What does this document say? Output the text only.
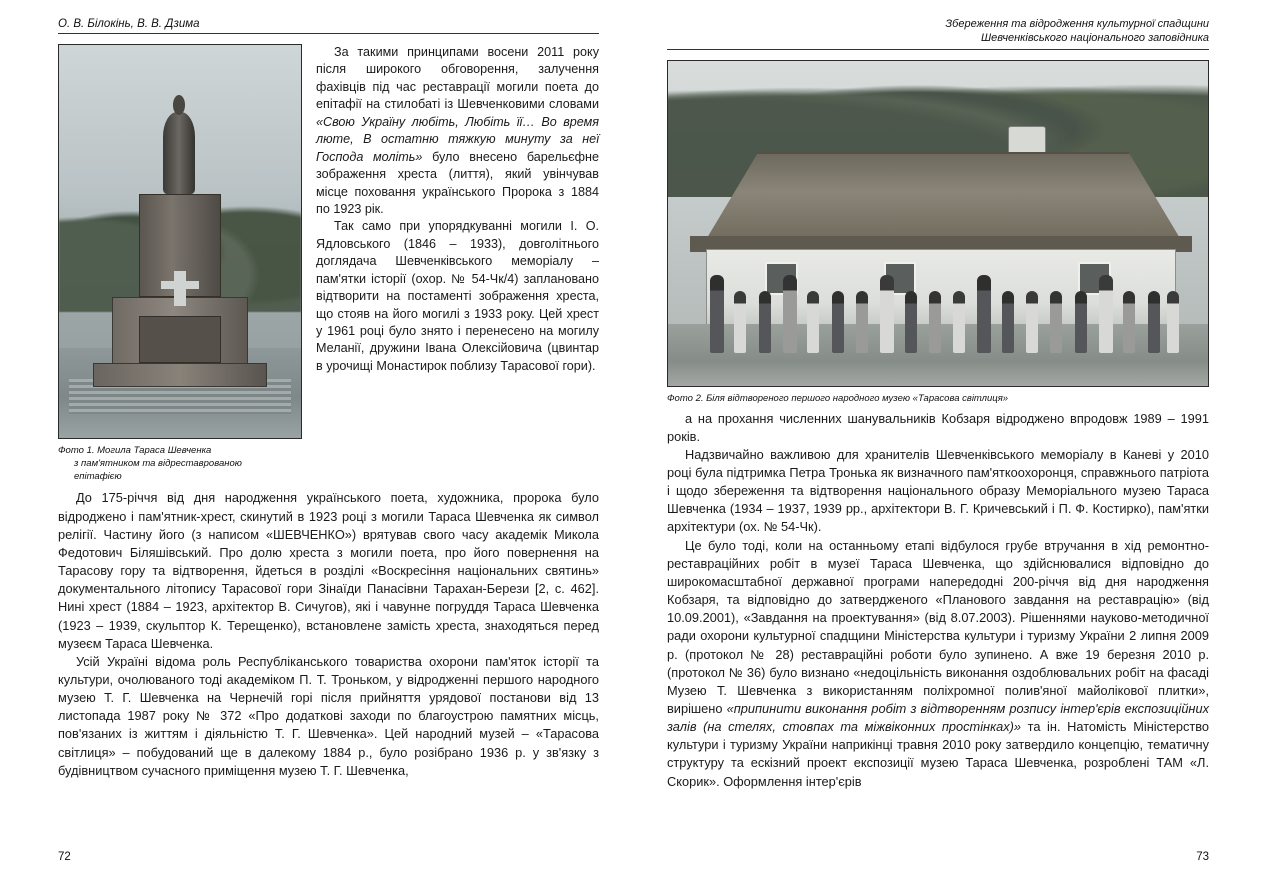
О. В. Білокінь, В. В. Дзима
Фото 1. Могила Тараса Шевченка
з пам'ятником та відреставрованою
епітафією

За такими принципами восени 2011 року після широкого обговорення, залучення фахівців під час реставрації могили поета до епітафії на стилобаті із Шевченковими словами «Свою Україну любіть, Любіть її… Во время люте, В остатню тяжкую минуту за неї Господа моліть» було внесено барельєфне зображення хреста (лиття), який увінчував місце поховання українського Пророка з 1884 по 1923 рік.

Так само при упорядкуванні могили І. О. Ядловського (1846 – 1933), довголітнього доглядача Шевченківського меморіалу – пам'ятки історії (охор. № 54-Чк/4) заплановано відтворити на постаменті зображення хреста, що стояв на його могилі з 1933 року. Цей хрест у 1961 році було знято і перенесено на могилу Меланії, дружини Івана Олексійовича (цвинтар в урочищі Монастирок поблизу Тарасової гори).

До 175-річчя від дня народження українського поета, художника, пророка було відроджено і пам'ятник-хрест, скинутий в 1923 році з могили Тараса Шевченка як символ релігії. Частину його (з написом «ШЕВЧЕНКО») врятував свого часу академік Микола Федотович Біляшівський. Про долю хреста з могили поета, про його повернення на Тарасову гору та відтворення, йдеться в розділі «Воскресіння національних святинь» документального літопису Тарасової гори Зінаїди Панасівни Тарахан-Берези [2, с. 462]. Нині хрест (1884 – 1923, архітектор В. Сичугов), які і чавунне погруддя Тараса Шевченка (1923 – 1939, скульптор К. Терещенко), встановлене замість хреста, знаходяться перед музеєм Тараса Шевченка.

Усій Україні відома роль Республіканського товариства охорони пам'яток історії та культури, очолюваного тоді академіком П. Т. Троньком, у відродженні першого народного музею Т. Г. Шевченка на Чернечій горі після прийняття урядової постанови від 13 листопада 1987 року № 372 «Про додаткові заходи по благоустрою памятних місць, пов'язаних із життям і діяльністю Т. Г. Шевченка». Цей народний музей – «Тарасова світлиця» – побудований ще в далекому 1884 р., було розібрано 1936 р. у зв'язку з будівництвом сучасного приміщення музею Т. Г. Шевченка,

72
Збереження та відродження культурної спадщини
Шевченківського національного заповідника
Фото 2. Біля відтвореного першого народного музею «Тарасова світлиця»

а на прохання численних шанувальників Кобзаря відроджено впродовж 1989 – 1991 років.

Надзвичайно важливою для хранителів Шевченківського меморіалу в Каневі у 2010 році була підтримка Петра Тронька як визначного пам'яткоохоронця, справжнього патріота і щодо збереження та відтворення національного образу Меморіального музею Тараса Шевченка (1934 – 1937, 1939 рр., архітектори В. Г. Кричевський і П. Ф. Костирко), пам'ятки архітектури (ох. № 54-Чк).

Це було тоді, коли на останньому етапі відбулося грубе втручання в хід ремонтно-реставраційних робіт в музеї Тараса Шевченка, що здійснювалися відповідно до широкомасштабної державної програми напередодні 200-річчя від дня народження Кобзаря, та відповідно до затвердженого «Планового завдання на реставрацію» (від 10.09.2001), «Завдання на проектування» (від 8.07.2003). Рішеннями науково-методичної ради охорони культурної спадщини Міністерства культури і туризму України 2 липня 2009 р. (протокол № 28) реставраційні роботи було зупинено. А вже 19 березня 2010 р. (протокол № 36) було визнано «недоцільність виконання оздоблювальних робіт на фасаді Музею Т. Шевченка з використанням поліхромної полив'яної майолікової плитки», вирішено «припинити виконання робіт з відтворенням розпису інтер'єрів експозиційних залів (на стелях, стовпах та міжвіконних простінках)» та ін. Натомість Міністерство культури і туризму України наприкінці травня 2010 року затвердило концепцію, тематичну структуру та ескізний проект експозиції музею Тараса Шевченка, розроблені ТАМ «Л. Скорик». Оформлення інтер'єрів

73
